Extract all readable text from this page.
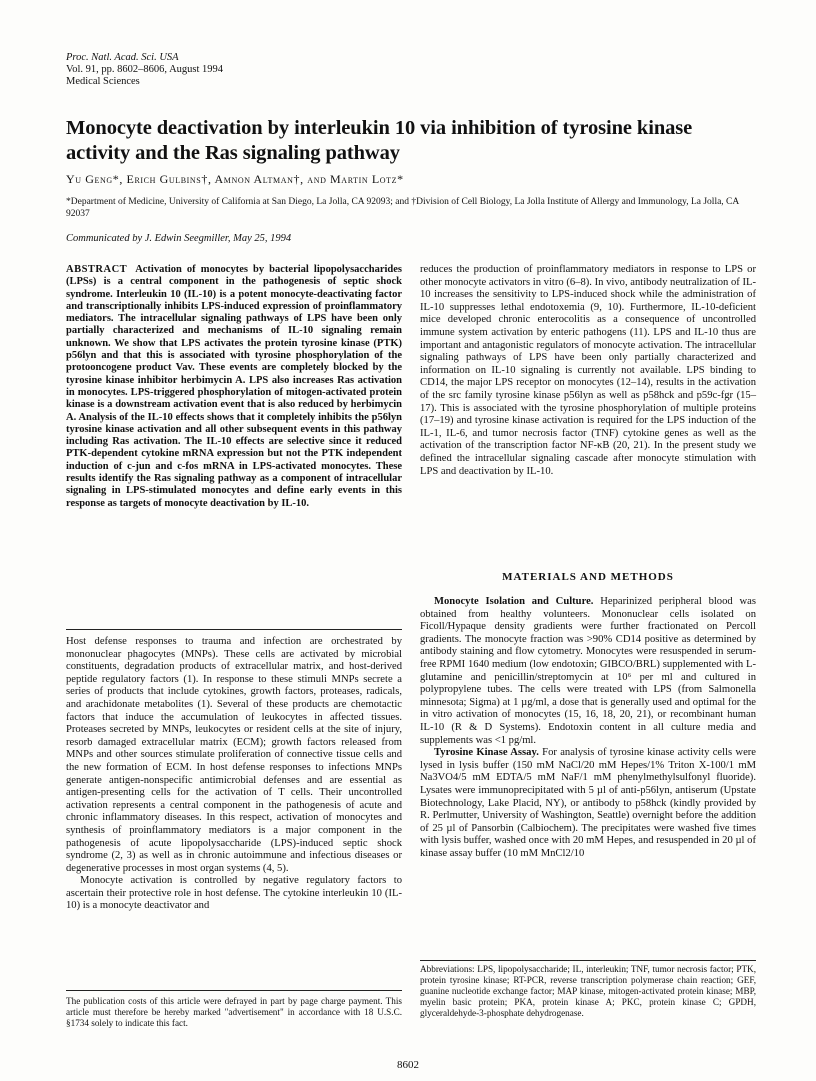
Proc. Natl. Acad. Sci. USA
Vol. 91, pp. 8602–8606, August 1994
Medical Sciences
Monocyte deactivation by interleukin 10 via inhibition of tyrosine kinase activity and the Ras signaling pathway
Yu Geng*, Erich Gulbins†, Amnon Altman†, and Martin Lotz*
*Department of Medicine, University of California at San Diego, La Jolla, CA 92093; and †Division of Cell Biology, La Jolla Institute of Allergy and Immunology, La Jolla, CA 92037
Communicated by J. Edwin Seegmiller, May 25, 1994
ABSTRACT Activation of monocytes by bacterial lipopolysaccharides (LPSs) is a central component in the pathogenesis of septic shock syndrome. Interleukin 10 (IL-10) is a potent monocyte-deactivating factor and transcriptionally inhibits LPS-induced expression of proinflammatory mediators. The intracellular signaling pathways of LPS have been only partially characterized and mechanisms of IL-10 signaling remain unknown. We show that LPS activates the protein tyrosine kinase (PTK) p56lyn and that this is associated with tyrosine phosphorylation of the protooncogene product Vav. These events are completely blocked by the tyrosine kinase inhibitor herbimycin A. LPS also increases Ras activation in monocytes. LPS-triggered phosphorylation of mitogen-activated protein kinase is a downstream activation event that is also reduced by herbimycin A. Analysis of the IL-10 effects shows that it completely inhibits the p56lyn tyrosine kinase activation and all other subsequent events in this pathway including Ras activation. The IL-10 effects are selective since it reduced PTK-dependent cytokine mRNA expression but not the PTK independent induction of c-jun and c-fos mRNA in LPS-activated monocytes. These results identify the Ras signaling pathway as a component of intracellular signaling in LPS-stimulated monocytes and define early events in this response as targets of monocyte deactivation by IL-10.

Host defense responses to trauma and infection are orchestrated by mononuclear phagocytes (MNPs). These cells are activated by microbial constituents, degradation products of extracellular matrix, and host-derived peptide regulatory factors (1). In response to these stimuli MNPs secrete a series of products that include cytokines, growth factors, proteases, radicals, and arachidonate metabolites (1). Several of these products are chemotactic factors that induce the accumulation of leukocytes in affected tissues. Proteases secreted by MNPs, leukocytes or resident cells at the site of injury, resorb damaged extracellular matrix (ECM); growth factors released from MNPs and other sources stimulate proliferation of connective tissue cells and the new formation of ECM. In host defense responses to infections MNPs generate antigen-nonspecific antimicrobial defenses and are essential as antigen-presenting cells for the activation of T cells. Their uncontrolled activation represents a central component in the pathogenesis of acute and chronic inflammatory diseases. In this respect, activation of monocytes and synthesis of proinflammatory mediators is a major component in the pathogenesis of acute lipopolysaccharide (LPS)-induced septic shock syndrome (2, 3) as well as in chronic autoimmune and infectious diseases or degenerative processes in most organ systems (4, 5).

Monocyte activation is controlled by negative regulatory factors to ascertain their protective role in host defense. The cytokine interleukin 10 (IL-10) is a monocyte deactivator and

The publication costs of this article were defrayed in part by page charge payment. This article must therefore be hereby marked "advertisement" in accordance with 18 U.S.C. §1734 solely to indicate this fact.

reduces the production of proinflammatory mediators in response to LPS or other monocyte activators in vitro (6–8). In vivo, antibody neutralization of IL-10 increases the sensitivity to LPS-induced shock while the administration of IL-10 suppresses lethal endotoxemia (9, 10). Furthermore, IL-10-deficient mice developed chronic enterocolitis as a consequence of uncontrolled immune system activation by enteric pathogens (11). LPS and IL-10 thus are important and antagonistic regulators of monocyte activation. The intracellular signaling pathways of LPS have been only partially characterized and information on IL-10 signaling is currently not available. LPS binding to CD14, the major LPS receptor on monocytes (12–14), results in the activation of the src family tyrosine kinase p56lyn as well as p58hck and p59c-fgr (15–17). This is associated with the tyrosine phosphorylation of multiple proteins (17–19) and tyrosine kinase activation is required for the LPS induction of the IL-1, IL-6, and tumor necrosis factor (TNF) cytokine genes as well as the activation of the transcription factor NF-κB (20, 21). In the present study we defined the intracellular signaling cascade after monocyte stimulation with LPS and deactivation by IL-10.

MATERIALS AND METHODS

Monocyte Isolation and Culture. Heparinized peripheral blood was obtained from healthy volunteers. Mononuclear cells isolated on Ficoll/Hypaque density gradients were further fractionated on Percoll gradients. The monocyte fraction was >90% CD14 positive as determined by antibody staining and flow cytometry. Monocytes were resuspended in serum-free RPMI 1640 medium (low endotoxin; GIBCO/BRL) supplemented with L-glutamine and penicillin/streptomycin at 10⁶ per ml and cultured in polypropylene tubes. The cells were treated with LPS (from Salmonella minnesota; Sigma) at 1 µg/ml, a dose that is generally used and optimal for the in vitro activation of monocytes (15, 16, 18, 20, 21), or recombinant human IL-10 (R & D Systems). Endotoxin content in all culture media and supplements was <1 pg/ml.

Tyrosine Kinase Assay. For analysis of tyrosine kinase activity cells were lysed in lysis buffer (150 mM NaCl/20 mM Hepes/1% Triton X-100/1 mM Na3VO4/5 mM EDTA/5 mM NaF/1 mM phenylmethylsulfonyl fluoride). Lysates were immunoprecipitated with 5 µl of anti-p56lyn, antiserum (Upstate Biotechnology, Lake Placid, NY), or antibody to p58hck (kindly provided by R. Perlmutter, University of Washington, Seattle) overnight before the addition of 25 µl of Pansorbin (Calbiochem). The precipitates were washed five times with lysis buffer, washed once with 20 mM Hepes, and resuspended in 20 µl of kinase assay buffer (10 mM MnCl2/10

Abbreviations: LPS, lipopolysaccharide; IL, interleukin; TNF, tumor necrosis factor; PTK, protein tyrosine kinase; RT-PCR, reverse transcription polymerase chain reaction; GEF, guanine nucleotide exchange factor; MAP kinase, mitogen-activated protein kinase; MBP, myelin basic protein; PKA, protein kinase A; PKC, protein kinase C; GPDH, glyceraldehyde-3-phosphate dehydrogenase.
8602
